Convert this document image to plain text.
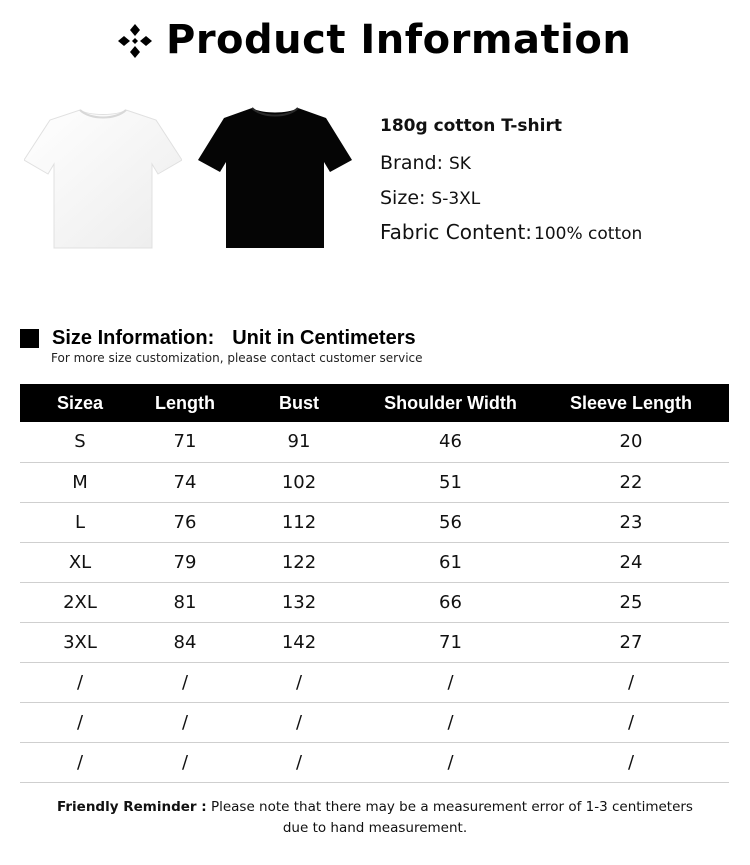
Product Information
180g cotton T-shirt
Brand: SK
Size: S-3XL
Fabric Content: 100% cotton
Size Information: Unit in Centimeters
For more size customization, please contact customer service
Sizea	Length	Bust	Shoulder Width	Sleeve Length
S	71	91	46	20
M	74	102	51	22
L	76	112	56	23
XL	79	122	61	24
2XL	81	132	66	25
3XL	84	142	71	27
/	/	/	/	/
/	/	/	/	/
/	/	/	/	/
Friendly Reminder : Please note that there may be a measurement error of 1-3 centimeters
due to hand measurement.
